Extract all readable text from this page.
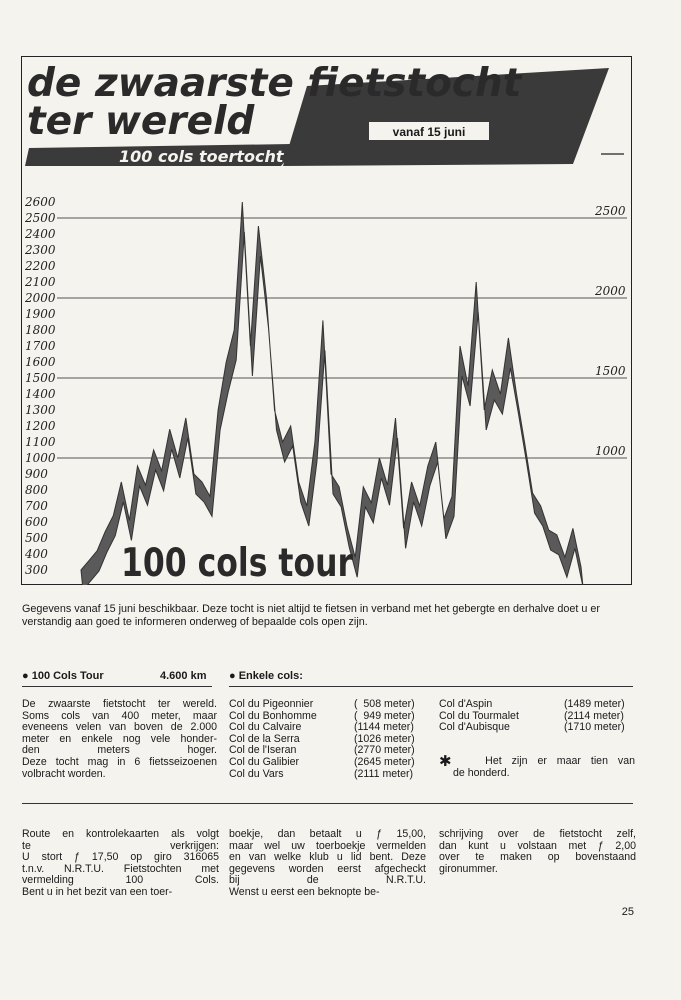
de zwaarste fietstocht
ter wereld
100 cols toertocht
vanaf 15 juni
2600
2500
2400
2300
2200
2100
2000
1900
1800
1700
1600
1500
1400
1300
1200
1100
1000
900
800
700
600
500
400
300
2500
2000
1500
1000
100 cols tour
Gegevens vanaf 15 juni beschikbaar. Deze tocht is niet altijd te fietsen in verband met het gebergte en derhalve doet u er verstandig aan goed te informeren onderweg of bepaalde cols open zijn.
● 100 Cols Tour	4.600 km
De zwaarste fietstocht ter wereld.
Soms cols van 400 meter, maar
eveneens velen van boven de 2.000
meter en enkele nog vele honder-
den meters hoger.
Deze tocht mag in 6 fietsseizoenen
volbracht worden.
● Enkele cols:
Col du Pigeonnier	(  508 meter)
Col du Bonhomme	(  949 meter)
Col du Calvaire	(1144 meter)
Col de la Serra	(1026 meter)
Col de l'Iseran	(2770 meter)
Col du Galibier	(2645 meter)
Col du Vars	(2111 meter)
Col d'Aspin	(1489 meter)
Col du Tourmalet	(2114 meter)
Col d'Aubisque	(1710 meter)
✱	Het zijn er maar tien van
de honderd.
Route en kontrolekaarten als volgt
te verkrijgen:
U stort ƒ 17,50 op giro 316065
t.n.v. N.R.T.U. Fietstochten met
vermelding 100 Cols.
Bent u in het bezit van een toer-
boekje, dan betaalt u ƒ 15,00,
maar wel uw toerboekje vermelden
en van welke klub u lid bent. Deze
gegevens worden eerst afgecheckt
bij de N.R.T.U.
Wenst u eerst een beknopte be-
schrijving over de fietstocht zelf,
dan kunt u volstaan met ƒ 2,00
over te maken op bovenstaand
gironummer.
25
